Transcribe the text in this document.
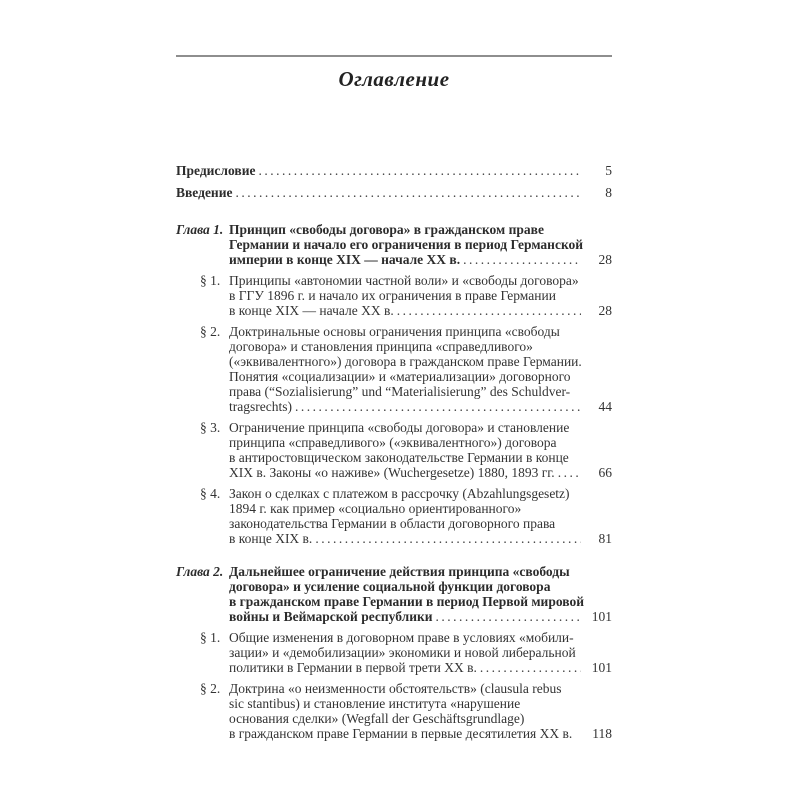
Оглавление
Предисловие .....	5
Введение .....	8
Глава 1. Принцип «свободы договора» в гражданском праве
Германии и начало его ограничения в период Германской
империи в конце XIX — начале XX в. .....	28
§ 1. Принципы «автономии частной воли» и «свободы договора»
в ГГУ 1896 г. и начало их ограничения в праве Германии
в конце XIX — начале XX в. .....	28
§ 2. Доктринальные основы ограничения принципа «свободы
договора» и становления принципа «справедливого»
(«эквивалентного») договора в гражданском праве Германии.
Понятия «социализации» и «материализации» договорного
права (“Sozialisierung” und “Materialisierung” des Schuldver-
tragsrechts) .....	44
§ 3. Ограничение принципа «свободы договора» и становление
принципа «справедливого» («эквивалентного») договора
в антиростовщическом законодательстве Германии в конце
XIX в. Законы «о наживе» (Wuchergesetze) 1880, 1893 гг. .....	66
§ 4. Закон о сделках с платежом в рассрочку (Abzahlungsgesetz)
1894 г. как пример «социально ориентированного»
законодательства Германии в области договорного права
в конце XIX в. .....	81
Глава 2. Дальнейшее ограничение действия принципа «свободы
договора» и усиление социальной функции договора
в гражданском праве Германии в период Первой мировой
войны и Веймарской республики .....	101
§ 1. Общие изменения в договорном праве в условиях «мобили-
зации» и «демобилизации» экономики и новой либеральной
политики в Германии в первой трети XX в. .....	101
§ 2. Доктрина «о неизменности обстоятельств» (clausula rebus
sic stantibus) и становление института «нарушение
основания сделки» (Wegfall der Geschäftsgrundlage)
в гражданском праве Германии в первые десятилетия XX в.	118
